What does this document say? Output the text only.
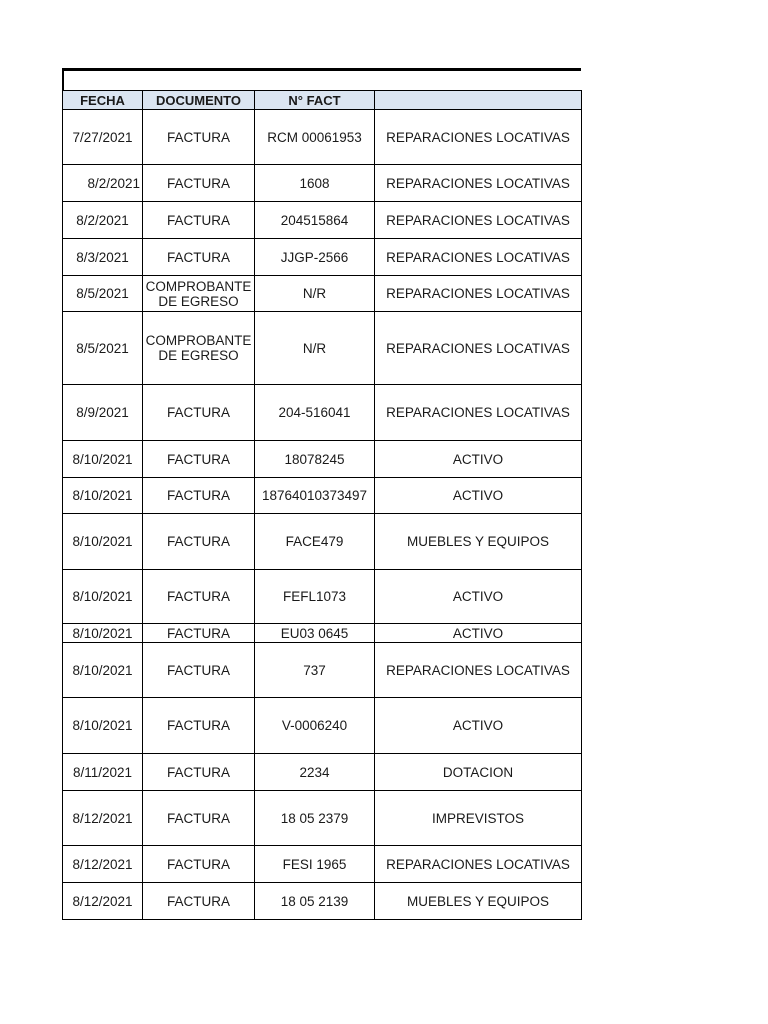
FECHA	DOCUMENTO	N° FACT	
7/27/2021	FACTURA	RCM 00061953	REPARACIONES LOCATIVAS
8/2/2021	FACTURA	1608	REPARACIONES LOCATIVAS
8/2/2021	FACTURA	204515864	REPARACIONES LOCATIVAS
8/3/2021	FACTURA	JJGP-2566	REPARACIONES LOCATIVAS
8/5/2021	COMPROBANTE DE EGRESO	N/R	REPARACIONES LOCATIVAS
8/5/2021	COMPROBANTE DE EGRESO	N/R	REPARACIONES LOCATIVAS
8/9/2021	FACTURA	204-516041	REPARACIONES LOCATIVAS
8/10/2021	FACTURA	18078245	ACTIVO
8/10/2021	FACTURA	18764010373497	ACTIVO
8/10/2021	FACTURA	FACE479	MUEBLES Y EQUIPOS
8/10/2021	FACTURA	FEFL1073	ACTIVO
8/10/2021	FACTURA	EU03 0645	ACTIVO
8/10/2021	FACTURA	737	REPARACIONES LOCATIVAS
8/10/2021	FACTURA	V-0006240	ACTIVO
8/11/2021	FACTURA	2234	DOTACION
8/12/2021	FACTURA	18 05 2379	IMPREVISTOS
8/12/2021	FACTURA	FESI 1965	REPARACIONES LOCATIVAS
8/12/2021	FACTURA	18 05 2139	MUEBLES Y EQUIPOS
